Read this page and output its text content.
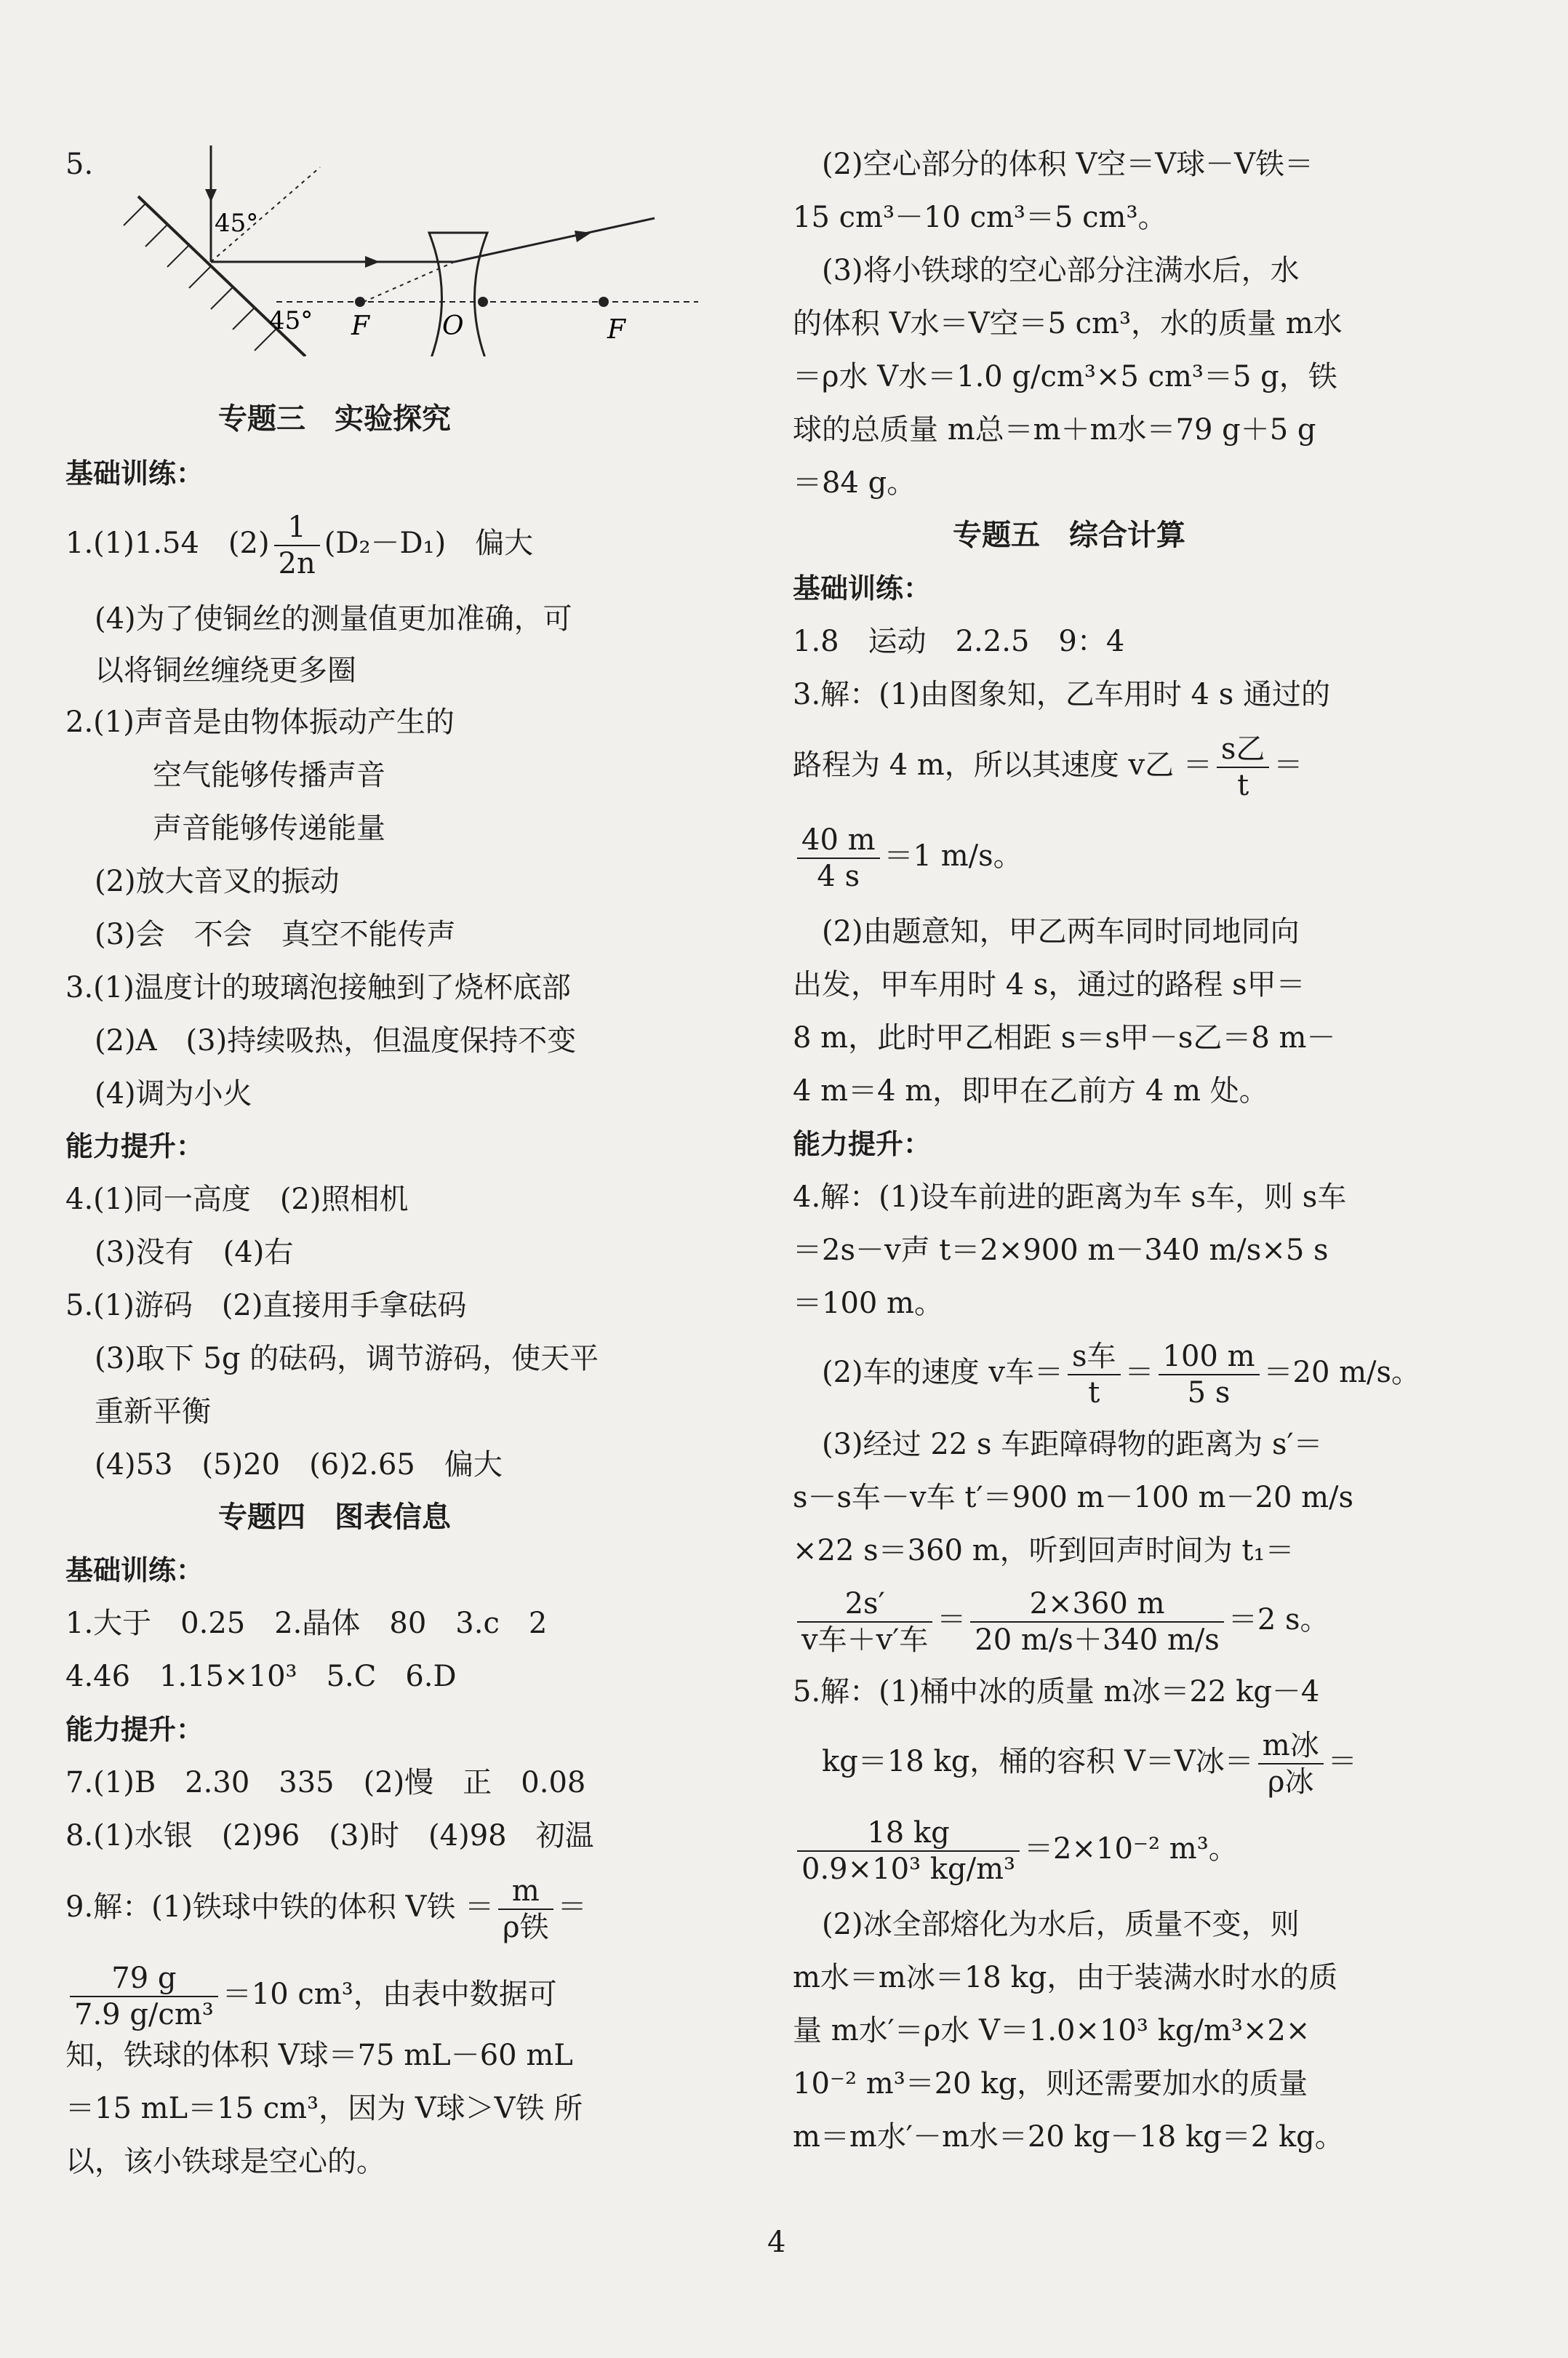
5.
45°
45° F	O	F
专题三　实验探究
基础训练：
1.(1)1.54　$(2) \frac{1}{2n} (D_2-D_1)$　偏大
(4)为了使铜丝的测量值更加准确，可
以将铜丝缠绕更多圈
2.(1)声音是由物体振动产生的
空气能够传播声音
声音能够传递能量
(2)放大音叉的振动
(3)会　不会　真空不能传声
3.(1)温度计的玻璃泡接触到了烧杯底部
(2)A　(3)持续吸热，但温度保持不变
(4)调为小火
能力提升：
4.(1)同一高度　(2)照相机
(3)没有　(4)右
5.(1)游码　(2)直接用手拿砝码
(3)取下 5g 的砝码，调节游码，使天平
重新平衡
(4)53　(5)20　(6)2.65　偏大
专题四　图表信息
基础训练：
1.大于　0.25　2.晶体　80　3.c　2
4.46　1.15×10³　5.C　6.D
能力提升：
7.(1)B　2.30　335　(2)慢　正　0.08
8.(1)水银　(2)96　(3)时　(4)98　初温
9.解：(1)铁球中铁的体积 V铁 ＝ $\frac{m}{\text{ρ铁}}$ ＝
$\frac{79 g}{\text{7.9 g/cm³}} =10$ cm³，由表中数据可
知，铁球的体积 V球＝75 mL－60 mL
＝15 mL＝15 cm³，因为 V球＞V铁 所
以，该小铁球是空心的。
(2)空心部分的体积 V空＝V球－V铁＝
15 cm³－10 cm³＝5 cm³。
(3)将小铁球的空心部分注满水后，水
的体积 V水＝V空＝5 cm³，水的质量 m水
＝ρ水 V水＝1.0 g/cm³×5 cm³＝5 g，铁
球的总质量 m总＝m＋m水＝79 g＋5 g
＝84 g。
专题五　综合计算
基础训练：
1.8　运动　2.2.5　9：4
3.解：(1)由图象知，乙车用时 4 s 通过的
路程为 4 m，所以其速度 v乙 ＝ $\frac{\text{s乙}}{t}$ ＝
$\frac{40 m}{4 s} =1$ m/s。
(2)由题意知，甲乙两车同时同地同向
出发，甲车用时 4 s，通过的路程 s甲＝
8 m，此时甲乙相距 s＝s甲－s乙＝8 m－
4 m＝4 m，即甲在乙前方 4 m 处。
能力提升：
4.解：(1)设车前进的距离为车 s车，则 s车
＝2s－v声 t＝2×900 m－340 m/s×5 s
＝100 m。
(2)车的速度 v车＝ $\frac{\text{s车}}{t} = \frac{100 m}{5 s} =20$ m/s。
(3)经过 22 s 车距障碍物的距离为 s′＝
s－s车－v车 t′＝900 m－100 m－20 m/s
×22 s＝360 m，听到回声时间为 t₁＝
$\frac{2s'}{\text{v车＋v′车}} = \frac{2\times 360 m}{20 m/s+340 m/s} =2$ s。
5.解：(1)桶中冰的质量 m冰＝22 kg－4
kg＝18 kg，桶的容积 V＝V冰＝ $\frac{\text{m冰}}{\text{ρ冰}}$ ＝
$\frac{18 kg}{\text{0.9×10³ kg/m³}} =2\times 10^{-2}$ m³。
(2)冰全部熔化为水后，质量不变，则
m水＝m冰＝18 kg，由于装满水时水的质
量 m水′＝ρ水 V＝1.0×10³ kg/m³×2×
10⁻² m³＝20 kg，则还需要加水的质量
m＝m水′－m水＝20 kg－18 kg＝2 kg。
4
